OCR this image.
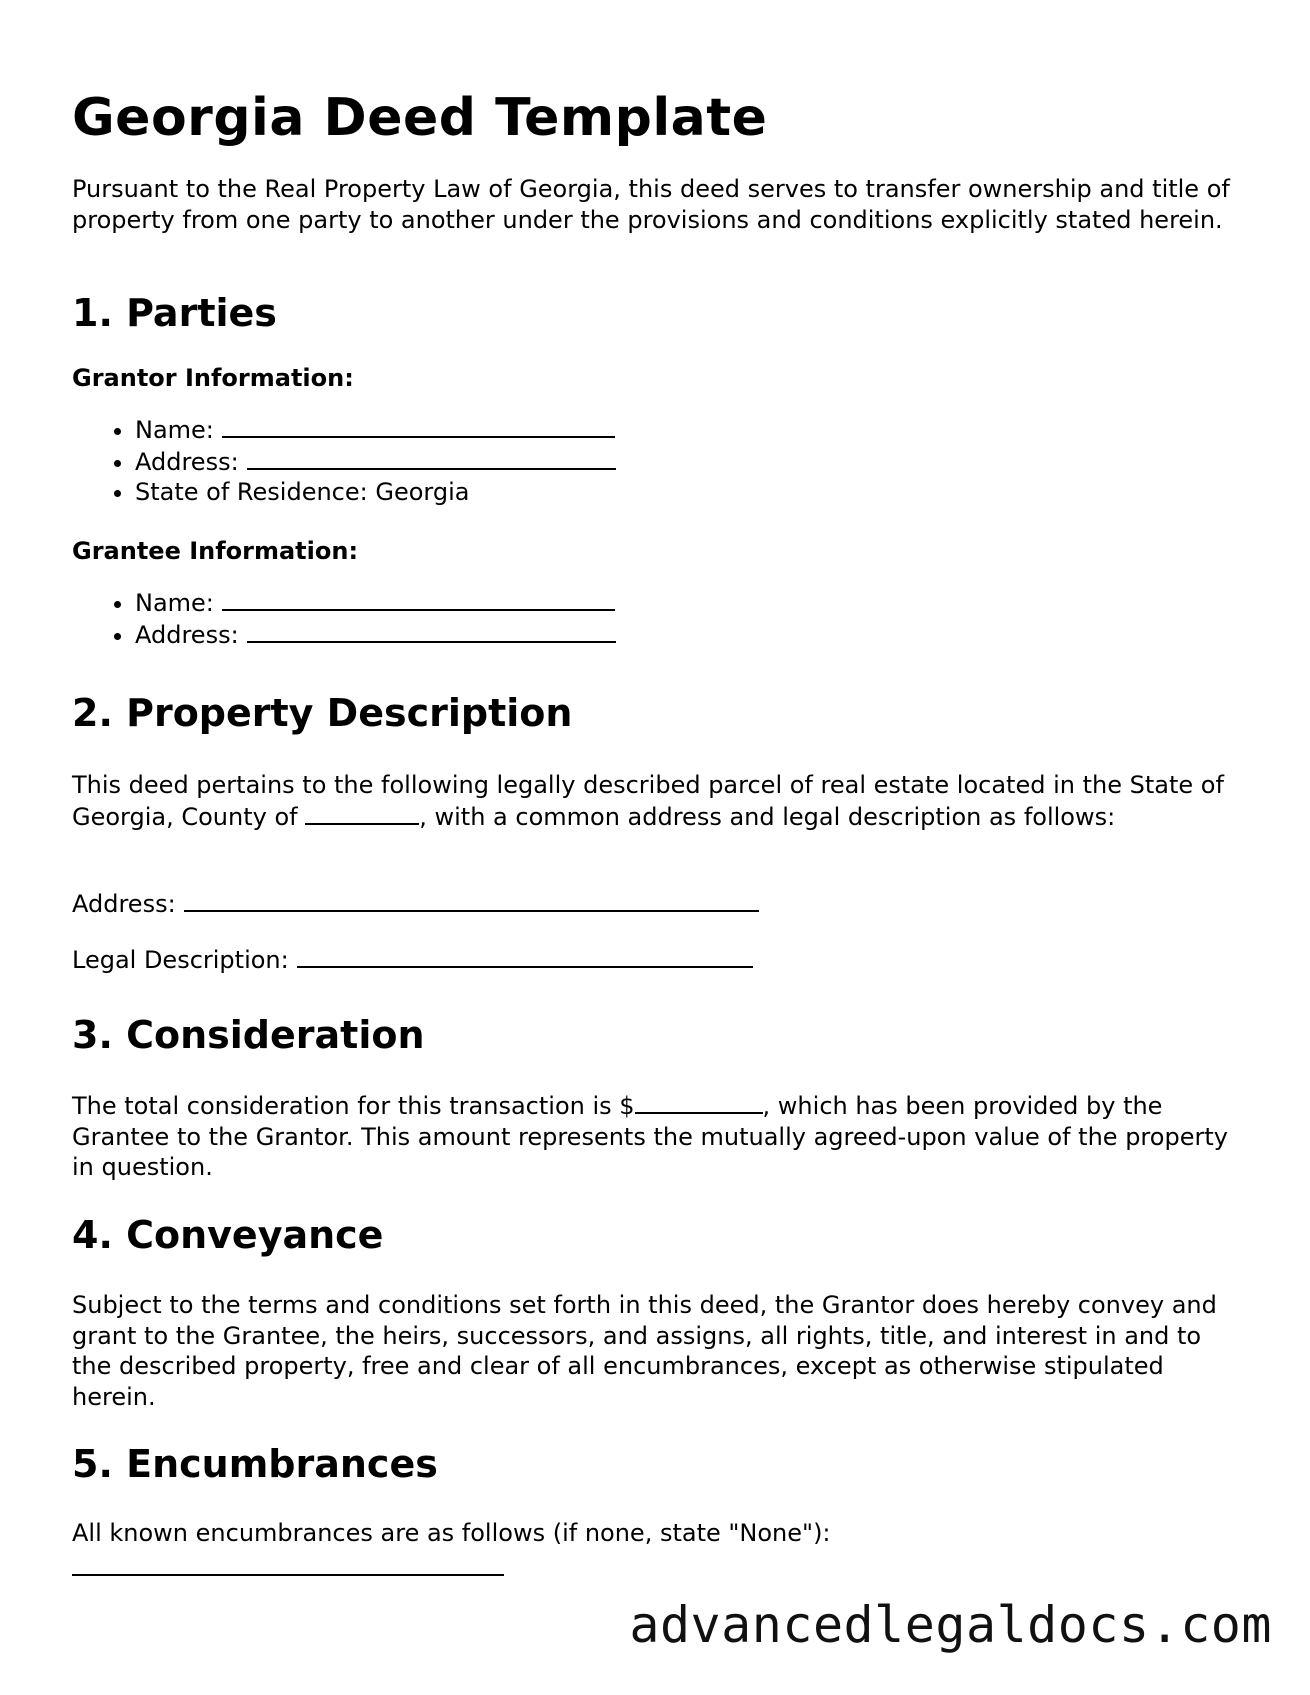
Georgia Deed Template

Pursuant to the Real Property Law of Georgia, this deed serves to transfer ownership and title of property from one party to another under the provisions and conditions explicitly stated herein.

1. Parties
Grantor Information:
• Name:
• Address:
• State of Residence: Georgia
Grantee Information:
• Name:
• Address:
2. Property Description

This deed pertains to the following legally described parcel of real estate located in the State of Georgia, County of	, with a common address and legal description as follows:

Address:

Legal Description:

3. Consideration

The total consideration for this transaction is $	, which has been provided by the Grantee to the Grantor. This amount represents the mutually agreed-upon value of the property in question.

4. Conveyance

Subject to the terms and conditions set forth in this deed, the Grantor does hereby convey and grant to the Grantee, the heirs, successors, and assigns, all rights, title, and interest in and to the described property, free and clear of all encumbrances, except as otherwise stipulated herein.

5. Encumbrances

All known encumbrances are as follows (if none, state "None"):

advancedlegaldocs.com
